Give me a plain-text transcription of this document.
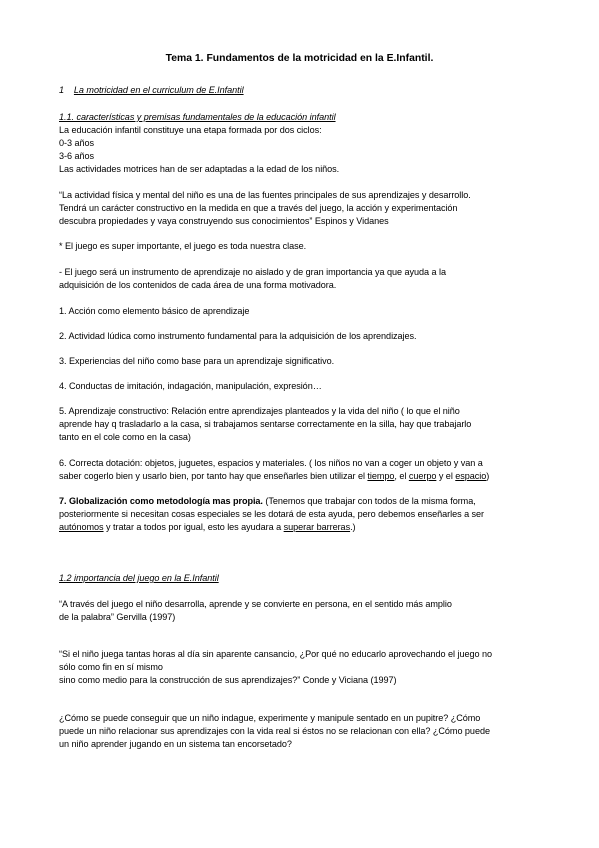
Tema 1. Fundamentos de la motricidad en la E.Infantil.
1 La motricidad en el curriculum de E.Infantil
1.1. características y premisas fundamentales de la educación infantil
La educación infantil constituye una etapa formada por dos ciclos:
0-3 años
3-6 años
Las actividades motrices han de ser adaptadas a la edad de los niños.
“La actividad física y mental del niño es una de las fuentes principales de sus aprendizajes y desarrollo.
Tendrá un carácter constructivo en la medida en que a través del juego, la acción y experimentación
descubra propiedades y vaya construyendo sus conocimientos” Espinos y Vidanes
* El juego es super importante, el juego es toda nuestra clase.
- El juego será un instrumento de aprendizaje no aislado y de gran importancia ya que ayuda a la
adquisición de los contenidos de cada área de una forma motivadora.
1. Acción como elemento básico de aprendizaje
2. Actividad lúdica como instrumento fundamental para la adquisición de los aprendizajes.
3. Experiencias del niño como base para un aprendizaje significativo.
4. Conductas de imitación, indagación, manipulación, expresión…
5. Aprendizaje constructivo: Relación entre aprendizajes planteados y la vida del niño ( lo que el niño
aprende hay q trasladarlo a la casa, si trabajamos sentarse correctamente en la silla, hay que trabajarlo
tanto en el cole como en la casa)
6. Correcta dotación: objetos, juguetes, espacios y materiales. ( los niños no van a coger un objeto y van a
saber cogerlo bien y usarlo bien, por tanto hay que enseñarles bien utilizar el tiempo, el cuerpo y el espacio)
7. Globalización como metodología mas propia. (Tenemos que trabajar con todos de la misma forma,
posteriormente si necesitan cosas especiales se les dotará de esta ayuda, pero debemos enseñarles a ser
autónomos y tratar a todos por igual, esto les ayudara a superar barreras.)
1.2 importancia del juego en la E.Infantil
“A través del juego el niño desarrolla, aprende y se convierte en persona, en el sentido más amplio
de la palabra” Gervilla (1997)
“Si el niño juega tantas horas al día sin aparente cansancio, ¿Por qué no educarlo aprovechando el juego no
sólo como fin en sí mismo
sino como medio para la construcción de sus aprendizajes?” Conde y Viciana (1997)
¿Cómo se puede conseguir que un niño indague, experimente y manipule sentado en un pupitre? ¿Cómo
puede un niño relacionar sus aprendizajes con la vida real si éstos no se relacionan con ella? ¿Cómo puede
un niño aprender jugando en un sistema tan encorsetado?
